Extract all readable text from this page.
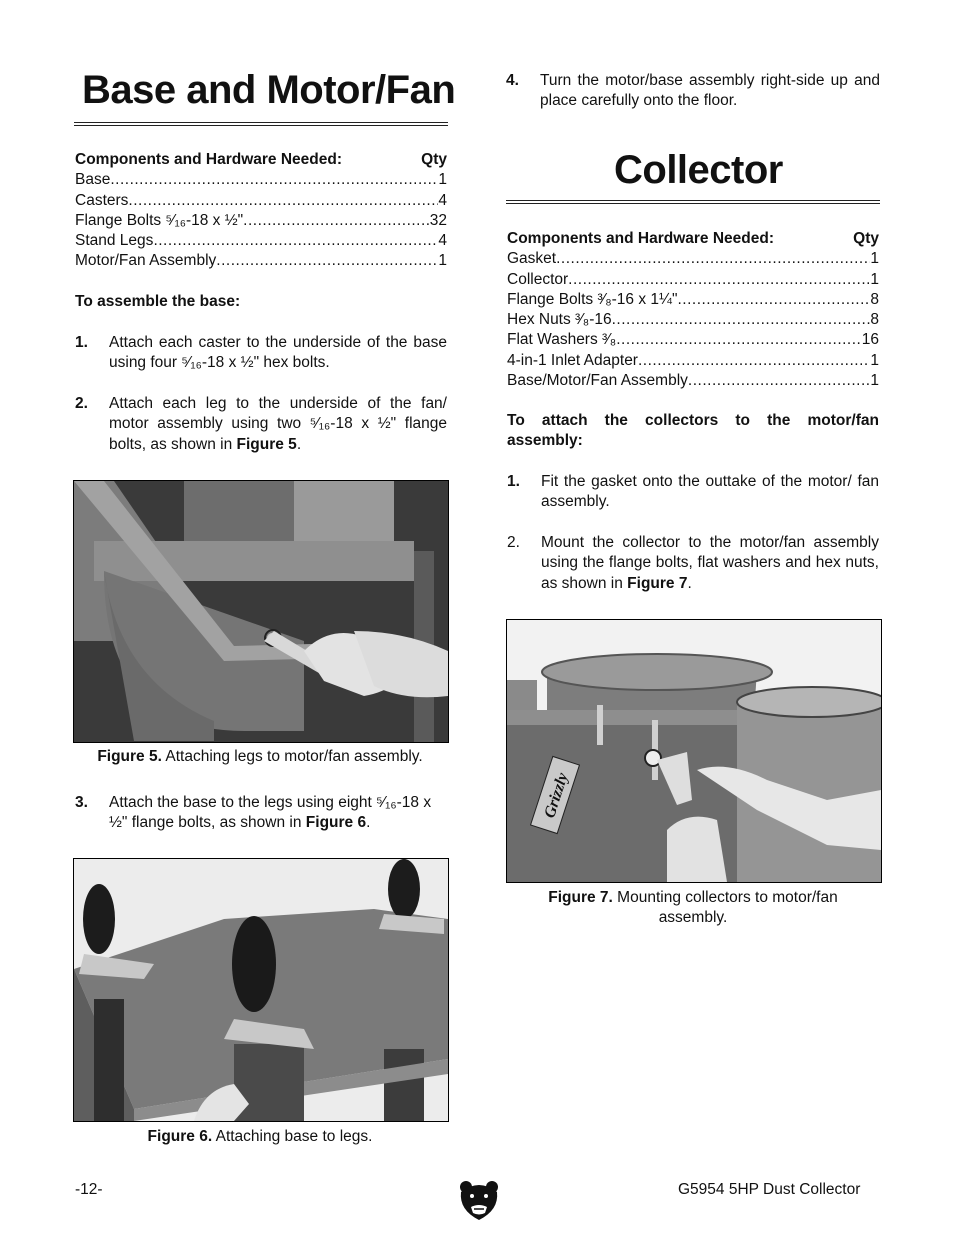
Base and Motor/Fan
Components and Hardware Needed:	Qty
Base .....	1
Casters .....	4
Flange Bolts ⁵⁄₁₆-18 x ½" .....	32
Stand Legs .....	4
Motor/Fan Assembly .....	1
To assemble the base:
1. Attach each caster to the underside of the base using four ⁵⁄₁₆-18 x ½" hex bolts.
2. Attach each leg to the underside of the fan/ motor assembly using two ⁵⁄₁₆-18 x ½" flange bolts, as shown in Figure 5.
Figure 5. Attaching legs to motor/fan assembly.
3. Attach the base to the legs using eight ⁵⁄₁₆-18 x ½" flange bolts, as shown in Figure 6.
Figure 6. Attaching base to legs.
4. Turn the motor/base assembly right-side up and place carefully onto the floor.
Collector
Components and Hardware Needed:	Qty
Gasket .....	1
Collector .....	1
Flange Bolts ³⁄₈-16 x 1¼" .....	8
Hex Nuts ³⁄₈-16 .....	8
Flat Washers ³⁄₈ .....	16
4-in-1 Inlet Adapter .....	1
Base/Motor/Fan Assembly .....	1
To attach the collectors to the motor/fan assembly:
1. Fit the gasket onto the outtake of the motor/ fan assembly.
2. Mount the collector to the motor/fan assembly using the flange bolts, flat washers and hex nuts, as shown in Figure 7.
Grizzly
Figure 7. Mounting collectors to motor/fan assembly.
-12-	G5954 5HP Dust Collector
